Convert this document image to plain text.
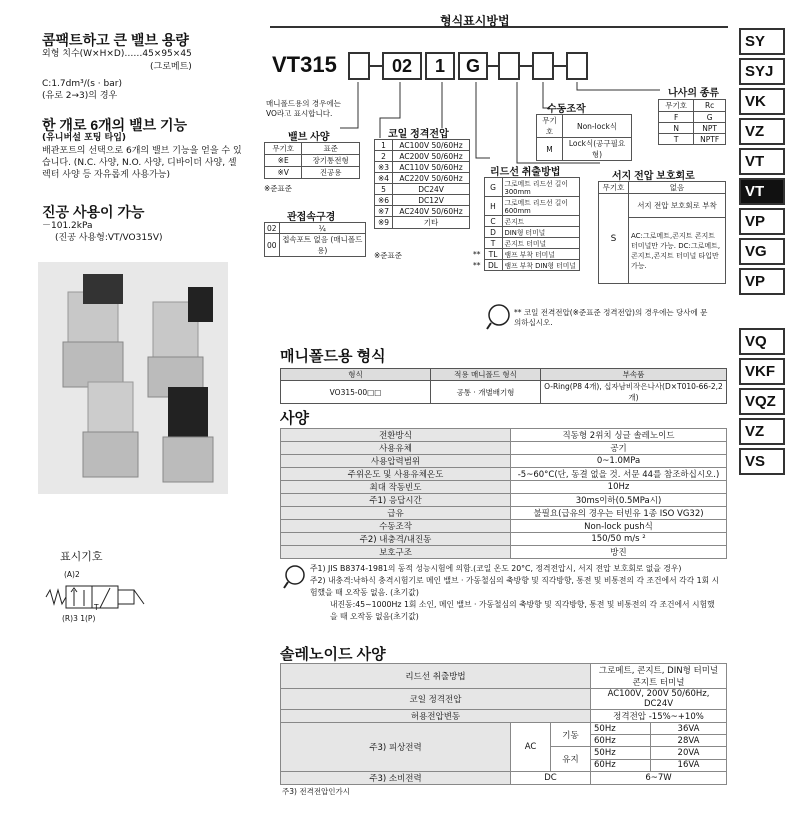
콤팩트하고 큰 밸브 용량
외형 치수(W×H×D)……45×95×45
(그로메트)
C:1.7dm³/(s · bar)
(유로 2→3)의 경우
한 개로 6개의 밸브 기능
(유니버설 포팅 타입)
배관포트의 선택으로 6개의 밸브 기능을 얻을 수 있습니다. (N.C. 사양, N.O. 사양, 디바이더 사양, 셀렉터 사양 등 자유롭게 사용가능)
진공 사용이 가능
－101.2kPa
(진공 사용형:VT/VO315V)
표시기호
(A)2
(R)3 1(P)
T
SY
SYJ
VK
VZ
VT
VT
VP
VG
VP
VQ
VKF
VQZ
VZ
VS
형식표시방법
VT315	02	1	G
매니폴드용의 경우에는 VO라고 표시합니다.
밸브 사양
무기호	표준
※E	장기통전형
※V	진공용
※준표준
관접속구경
02	¼
00	접속포트 없음 (매니폴드용)
코일 정격전압
1	AC100V 50/60Hz
2	AC200V 50/60Hz
※3	AC110V 50/60Hz
※4	AC220V 50/60Hz
5	DC24V
※6	DC12V
※7	AC240V 50/60Hz
※9	기타
※준표준
리드선 취출방법
	G	그로메트 리드선 길이 300mm
	H	그로메트 리드선 길이 600mm
	C	콘지트
	D	DIN형 터미널
	T	콘지트 터미널
**	TL	램프 부착 터미널
**	DL	램프 부착 DIN형 터미널
수동조작
무기호	Non-lock식
M	Lock식(공구필요형)
나사의 종류
무기호	Rc
F	G
N	NPT
T	NPTF
서지 전압 보호회로
무기호	없음
S	서지 전압 보호회로 부착
	AC:그로메트,콘지트 콘지트 터미널만 가능. DC:그로메트,콘지트,콘지트 터미널 타입만 가능.
** 코일 전격전압(※준표준 정격전압)의 경우에는 당사에 문의하십시오.
매니폴드용 형식
형식	적용 매니폴드 형식	부속품
VO315-00□□	공통 · 개별배기형	O-Ring(P8 4개), 십자남비작은나사(D×T010-66-2,2개)
사양
전환방식	직동형 2위치 싱글 솔레노이드
사용유체	공기
사용압력범위	0~1.0MPa
주위온도 및 사용유체온도	-5~60°C(단, 동결 없을 것. 서문 44를 참조하십시오.)
최대 작동빈도	10Hz
주1) 응답시간	30ms이하(0.5MPa시)
급유	불필요(급유의 경우는 터빈유 1종 ISO VG32)
수동조작	Non-lock push식
주2) 내충격/내진동	150/50 m/s ²
보호구조	방진
주1) JIS B8374-1981의 동적 성능시험에 의함.(코일 온도 20°C, 정격전압시, 서지 전압 보호회로 없을 경우)
주2) 내충격:낙하식 충격시험기로 메인 밸브 · 가동철심의 축방향 및 직각방향, 통전 및 비통전의 각 조건에서 각각 1회 시험했을 때 오작동 없음. (초기값)
내진동:45~1000Hz 1회 소인, 메인 밸브 · 가동철심의 축방향 및 직각방향, 통전 및 비통전의 각 조건에서 시험했을 때 오작동 없음(초기값)
솔레노이드 사양
리드선 취출방법			그로메트, 콘지트, DIN형 터미널 콘지트 터미널	
코일 정격전압			AC100V, 200V 50/60Hz, DC24V	
허용전압변동			정격전압 -15%~+10%	
주3) 피상전력	AC	기동	50Hz	36VA
			60Hz	28VA
		유지	50Hz	20VA
			60Hz	16VA
주3) 소비전력	DC		6~7W	
주3) 전격전압인가시
